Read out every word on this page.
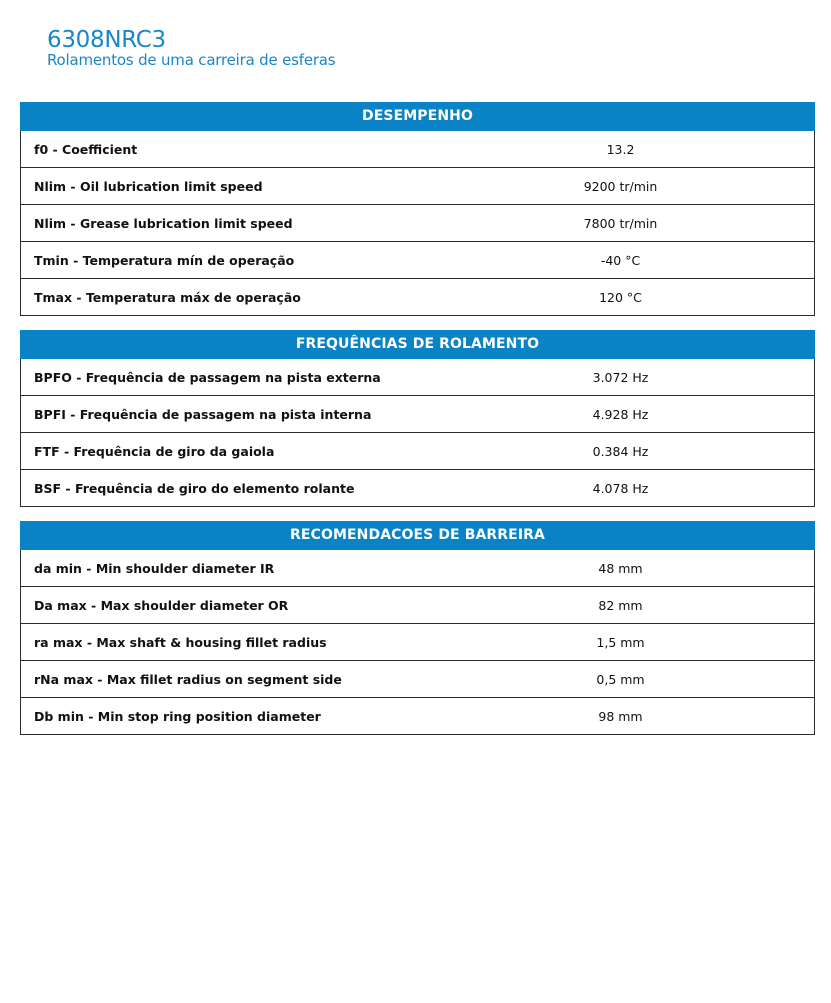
6308NRC3
Rolamentos de uma carreira de esferas
DESEMPENHO
f0 - Coefficient	13.2
Nlim - Oil lubrication limit speed	9200 tr/min
Nlim - Grease lubrication limit speed	7800 tr/min
Tmin - Temperatura mín de operação	-40 °C
Tmax - Temperatura máx de operação	120 °C
FREQUÊNCIAS DE ROLAMENTO
BPFO - Frequência de passagem na pista externa	3.072 Hz
BPFI - Frequência de passagem na pista interna	4.928 Hz
FTF - Frequência de giro da gaiola	0.384 Hz
BSF - Frequência de giro do elemento rolante	4.078 Hz
RECOMENDACOES DE BARREIRA
da min - Min shoulder diameter IR	48 mm
Da max - Max shoulder diameter OR	82 mm
ra max - Max shaft & housing fillet radius	1,5 mm
rNa max - Max fillet radius on segment side	0,5 mm
Db min - Min stop ring position diameter	98 mm
